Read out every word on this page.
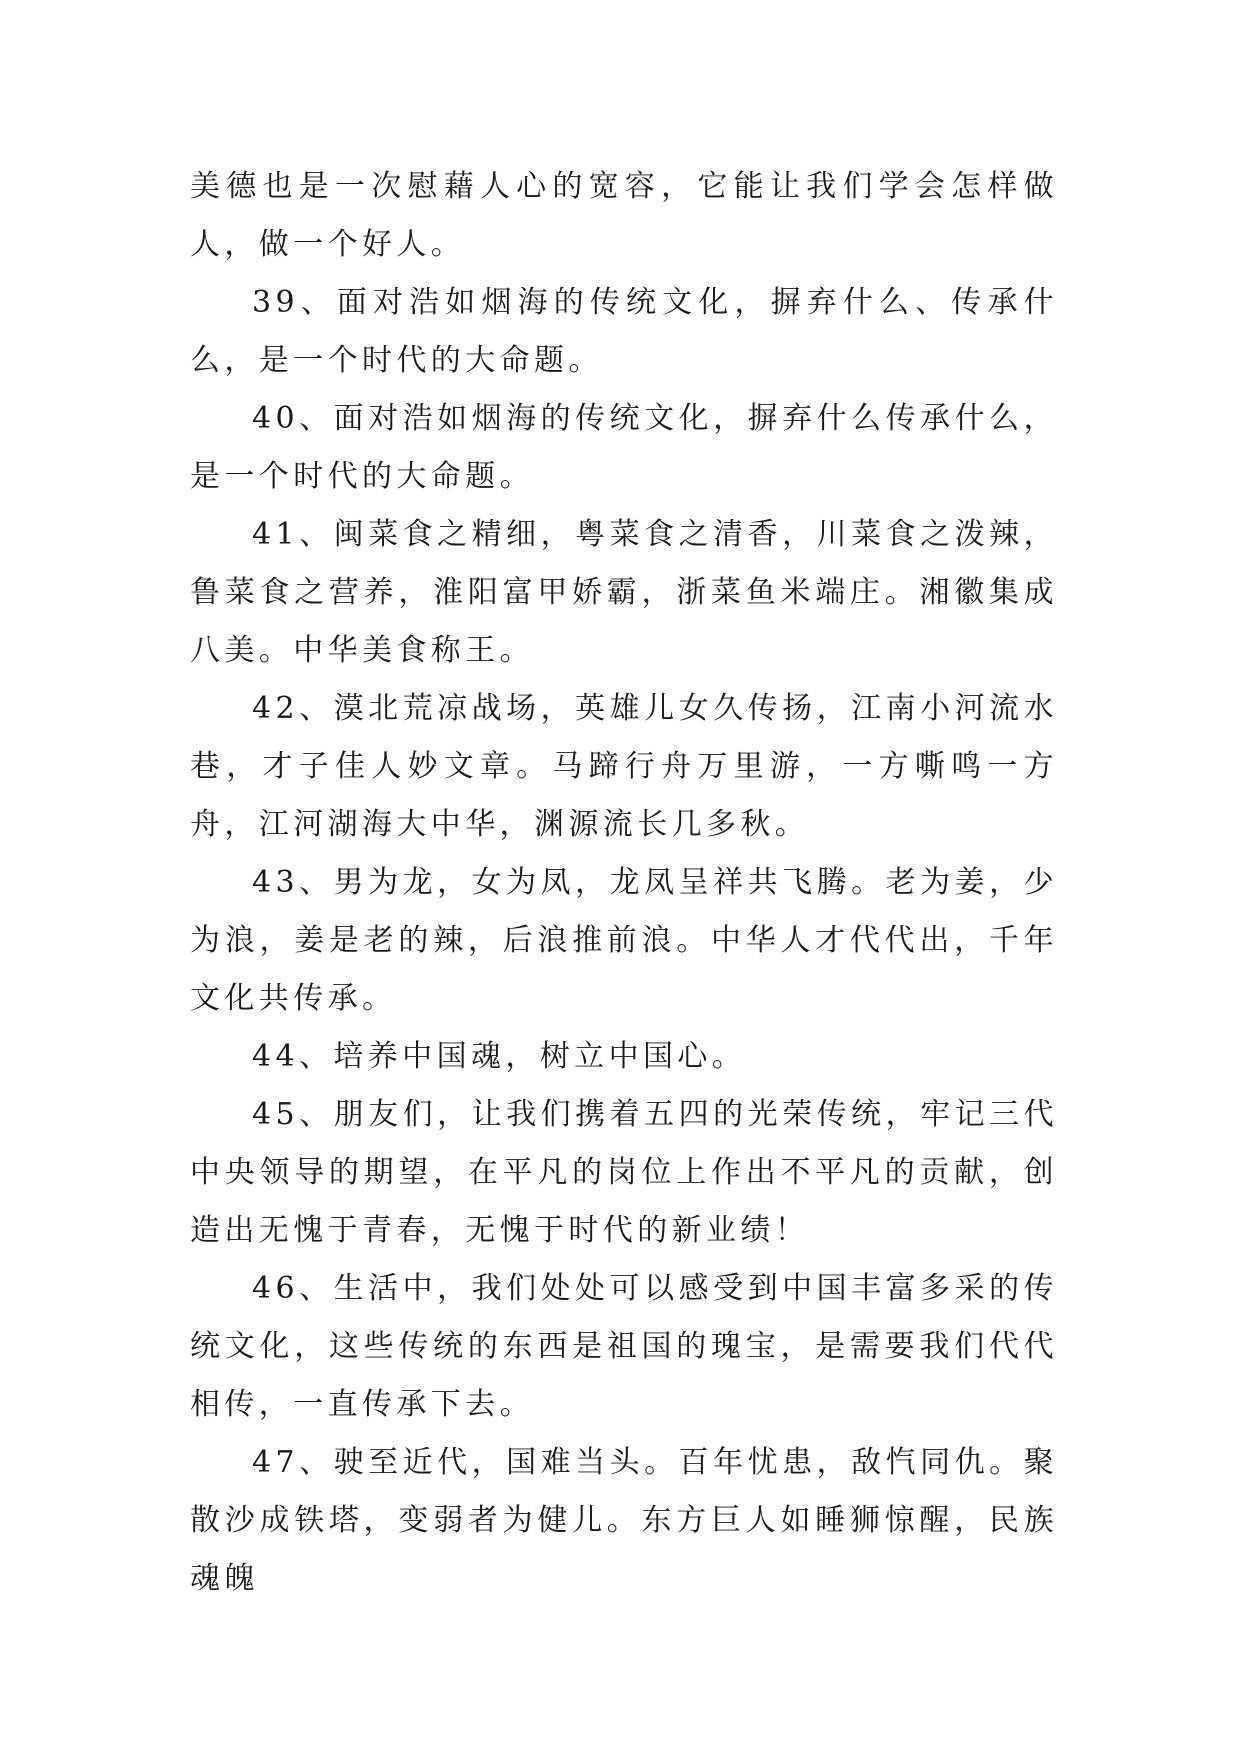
美德也是一次慰藉人心的宽容，它能让我们学会怎样做人，做一个好人。

39、面对浩如烟海的传统文化，摒弃什么、传承什么，是一个时代的大命题。

40、面对浩如烟海的传统文化，摒弃什么传承什么，是一个时代的大命题。

41、闽菜食之精细，粤菜食之清香，川菜食之泼辣，鲁菜食之营养，淮阳富甲娇霸，浙菜鱼米端庄。湘徽集成八美。中华美食称王。

42、漠北荒凉战场，英雄儿女久传扬，江南小河流水巷，才子佳人妙文章。马蹄行舟万里游，一方嘶鸣一方舟，江河湖海大中华，渊源流长几多秋。

43、男为龙，女为凤，龙凤呈祥共飞腾。老为姜，少为浪，姜是老的辣，后浪推前浪。中华人才代代出，千年文化共传承。

44、培养中国魂，树立中国心。

45、朋友们，让我们携着五四的光荣传统，牢记三代中央领导的期望，在平凡的岗位上作出不平凡的贡献，创造出无愧于青春，无愧于时代的新业绩！

46、生活中，我们处处可以感受到中国丰富多采的传统文化，这些传统的东西是祖国的瑰宝，是需要我们代代相传，一直传承下去。

47、驶至近代，国难当头。百年忧患，敌忾同仇。聚散沙成铁塔，变弱者为健儿。东方巨人如睡狮惊醒，民族魂魄
